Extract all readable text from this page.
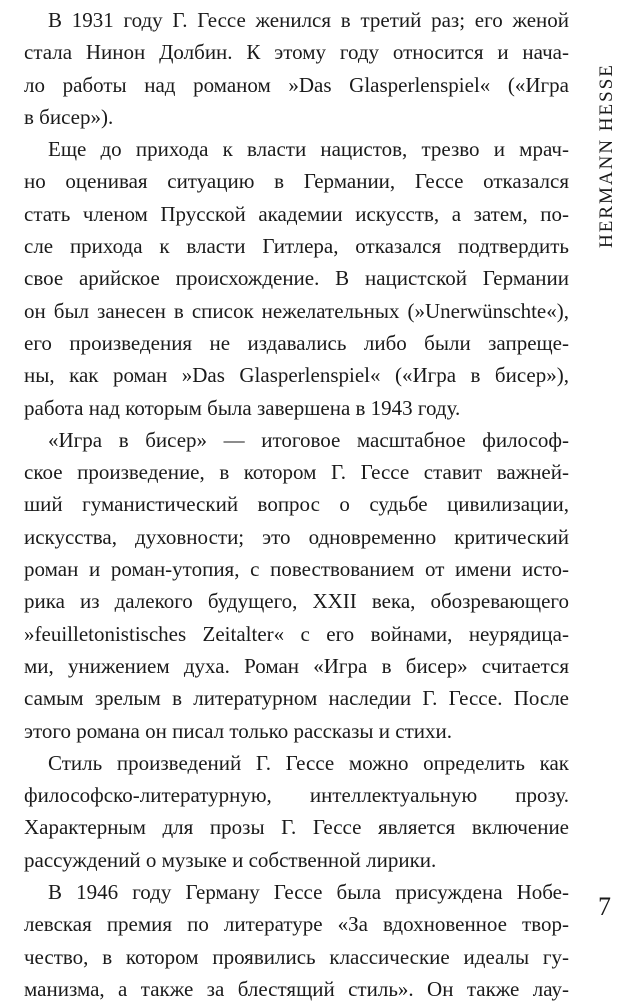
В 1931 году Г. Гессе женился в третий раз; его женой
стала Нинон Долбин. К этому году относится и нача-
ло работы над романом »Das Glasperlenspiel« («Игра
в бисер»).
Еще до прихода к власти нацистов, трезво и мрач-
но оценивая ситуацию в Германии, Гессе отказался
стать членом Прусской академии искусств, а затем, по-
сле прихода к власти Гитлера, отказался подтвердить
свое арийское происхождение. В нацистской Германии
он был занесен в список нежелательных (»Unerwünschte«),
его произведения не издавались либо были запреще-
ны, как роман »Das Glasperlenspiel« («Игра в бисер»),
работа над которым была завершена в 1943 году.
«Игра в бисер» — итоговое масштабное философ-
ское произведение, в котором Г. Гессе ставит важней-
ший гуманистический вопрос о судьбе цивилизации,
искусства, духовности; это одновременно критический
роман и роман-утопия, с повествованием от имени исто-
рика из далекого будущего, XXII века, обозревающего
»feuilletonistisches Zeitalter« с его войнами, неурядица-
ми, унижением духа. Роман «Игра в бисер» считается
самым зрелым в литературном наследии Г. Гессе. После
этого романа он писал только рассказы и стихи.
Стиль произведений Г. Гессе можно определить как
философско-литературную, интеллектуальную прозу.
Характерным для прозы Г. Гессе является включение
рассуждений о музыке и собственной лирики.
В 1946 году Герману Гессе была присуждена Нобе-
левская премия по литературе «За вдохновенное твор-
чество, в котором проявились классические идеалы гу-
манизма, а также за блестящий стиль». Он также лау-
HERMANN HESSE
7
